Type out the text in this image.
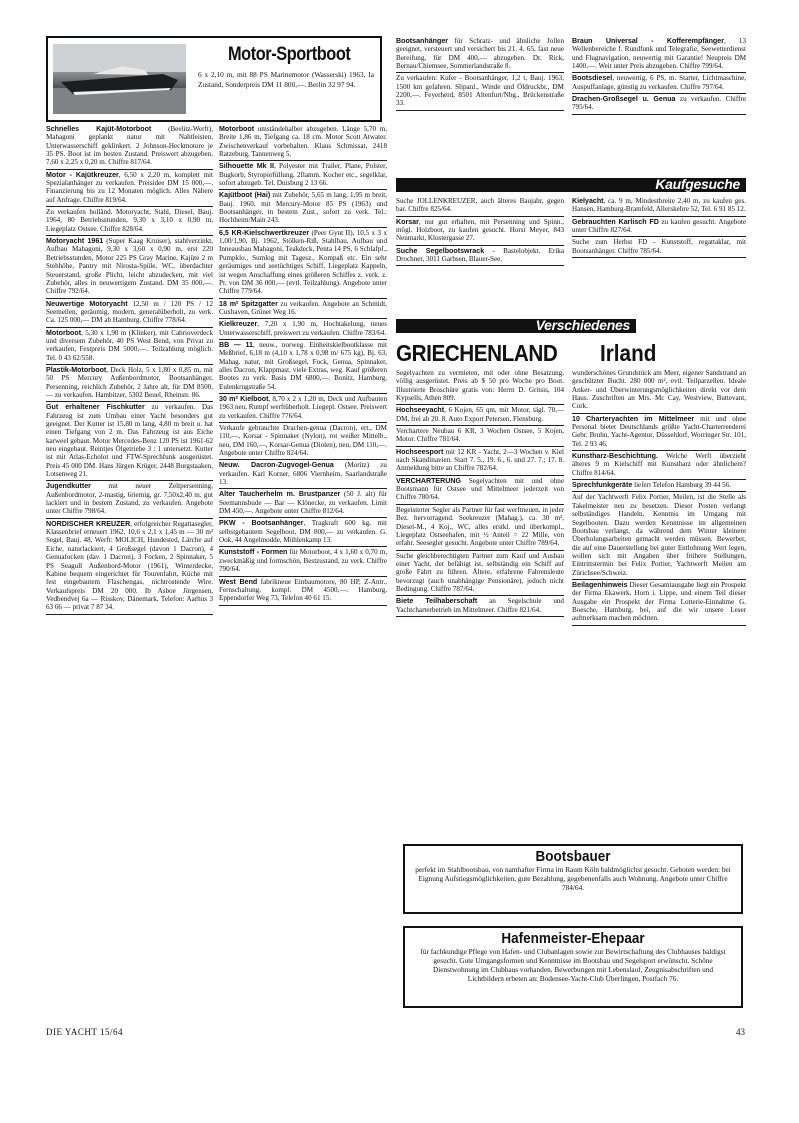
Motor-Sportboot
6 x 2,10 m, mit 88 PS Marinemotor (Wasserski) 1963, Ia Zustand, Sonderpreis DM 11 800,—. Berlin 32 97 94.

Schnelles Kajüt-Motorboot (Beelitz-Werft), Mahagoni geplankt natur mit Nahtleisten, Unterwasserschiff geklinkert. 2 Johnson-Heckmotore je 35 PS. Boot ist im besten Zustand. Preiswert abzugeben. 7,60 x 2,25 x 0,20 m. Chiffre 817/64.

Motor - Kajütkreuzer, 6,50 x 2,20 m, komplett mit Spezialanhänger zu verkaufen. Preisidee DM 15 000,—. Finanzierung bis zu 12 Monaten möglich. Alles Nähere auf Anfrage. Chiffre 819/64.

Zu verkaufen holländ. Motoryacht, Stahl, Diesel, Bauj. 1964, 80 Betriebsstunden, 9,30 x 3,10 x 0,90 m, Liegeplatz Ostsee. Chiffre 828/64.

Motoryacht 1961 (Super Kaag Kruiser), stahlverzinkt, Aufbau Mahagoni, 9,30 x 3,60 x 0,90 m, erst 220 Betriebsstunden, Motor 225 PS Gray Marine, Kajüte 2 m Stehhöhe, Pantry mit Nirosta-Spüle, WC, überdachter Steuerstand, große Plicht, leicht abzudecken, mit viel Zubehör, alles in neuwertigem Zustand. DM 35 000,—. Chiffre 792/64.

Neuwertige Motoryacht 12,50 m / 120 PS / 12 Seemeilen, geräumig, modern, generalüberholt, zu verk. Ca. 125 000,— DM ab Hamburg. Chiffre 778/64.

Motorboot, 5,30 x 1,90 m (Klinker), mit Cabrioverdeck und diversem Zubehör, 40 PS West Bend, von Privat zu verkaufen, Festpreis DM 5000,—. Teilzahlung möglich. Tel. 0 43 62/558.

Plastik-Motorboot, Deck Holz, 5 x 1,80 x 0,85 m, mit 50 PS Mercury Außenbordmotor, Bootsanhänger, Persenning, reichlich Zubehör, 2 Jahre alt, für DM 8500,— zu verkaufen. Hambitzer, 5302 Beuel, Rheinstr. 86.

Gut erhaltener Fischkutter zu verkaufen. Das Fahrzeug ist zum Umbau einer Yacht besonders gut geeignet. Der Kutter ist 15,80 m lang, 4,80 m breit u. hat einen Tiefgang von 2 m. Das Fahrzeug ist aus Eiche karweel gebaut. Motor Mercedes-Benz 120 PS ist 1961-62 neu eingebaut. Reintjes Ölgetriebe 3 : 1 untersetzt. Kutter ist mit Atlas-Echolot und FTW-Sprechfunk ausgerüstet. Preis 45 000 DM. Hans Jürgen Krüger, 2448 Burgstaaken, Lotsenweg 21.

Jugendkutter mit neuer Zeltpersenning, Außenbordmotor, 2-mastig, 6riemig, gr. 7,50x2,40 m. gut lackiert und in bestem Zustand, zu verkaufen. Angebote unter Chiffre 798/64.

NORDISCHER KREUZER, erfolgreicher Regattasegler, Klassenbrief erneuert 1962, 10,6 x 2,1 x 1,45 m — 30 m² Segel, Bauj. 48, Werft: MOLICH, Hundested, Lärche auf Eiche, naturlackiert, 4 Großsegel (davon 1 Dacron), 4 Genuafocken (dav. 1 Dacron), 3 Focken, 2 Spinnaker, 5 PS Seagull Außenbord-Motor (1961), Winterdecke, Kabine bequem eingerichtet für Tourenfahrt, Küche mit fest eingebautem Flaschengas, nichtrostende Wire. Verkaufspreis DM 20 000. Ib Asboe Jörgensen, Vedbendvej 6a — Risskov, Dänemark, Telefon: Aarhus 3 63 66 — privat 7 87 34.

Motorboot umständehalber abzugeben. Länge 5,70 m, Breite 1,86 m, Tiefgang ca. 18 cm. Motor Scott Atwater. Zwischenverkauf vorbehalten. Klaus Schmissat, 2418 Ratzeburg, Tannenweg 5.

Silhouette Mk II, Polyester mit Trailer, Plane, Polster, Bugkorb, Styroporfüllung, 2flamm. Kocher etc., segelklar, sofort abzugeb. Tel. Duisburg 2 13 66.

Kajütboot (Hai) mit Zubehör, 5,65 m lang, 1,95 m breit, Bauj. 1960, mit Mercury-Motor 85 PS (1963) und Bootsanhänger, in bestem Zust., sofort zu verk. Tel.: Hochheim/Main 243.

6,5 KR-Kielschwertkreuzer (Peer Gynt II), 10,5 x 3 x 1,00/1,90, Bj. 1962, Stölken-Riß, Stahlbau, Aufbau und Inneausbau Mahagoni, Teakdeck, Penta 14 PS, 6 Schlafpl., Pumpklo., Sumlog mit Tagesz., Kompaß etc. Ein sehr geräumiges und seetüchtiges Schiff, Liegeplatz Kappeln, ist wegen Anschaffung eines größeren Schiffes z. verk. z. Pr. von DM 36 000,— (evtl. Teilzahlung). Angebote unter Chiffre 779/64.

18 m² Spitzgatter zu verkaufen. Angebote an Schmidt, Cuxhaven, Grüner Weg 16.

Kielkreuzer, 7,20 x 1,90 m, Hochtakelung, neues Unterwasserschiff, preiswert zu verkaufen. Chiffre 783/64.

BB — 11, neuw., norweg. Einheitskielbootklasse mit Meßbrief, 6,18 m (4,10 x 1,78 x 0,98 m/ 675 kg), Bj. 63, Mahag. natur, mit Großsegel, Fock, Genua, Spinnaker, alles Dacron, Klappmast, viele Extras, weg. Kauf größeren Bootes zu verk. Basis DM 6800,—. Bonitz, Hamburg, Eulenkrugstraße 54.

30 m² Kielboot, 8,70 x 2 x 1,20 m, Deck und Aufbauten 1963 neu, Rumpf werftüberholt. Liegepl. Ostsee. Preiswert zu verkaufen. Chiffre 776/64.

Verkaufe gebrauchte Drachen-genua (Dacron), ert., DM 110,—, Korsar - Spinnaker (Nylon), rot weißer Mittelb., neu, DM 160,—, Korsar-Genua (Diolen), neu, DM 110,—. Angebote unter Chiffre 824/64.

Neuw. Dacron-Zugvogel-Genua (Moritz) zu verkaufen. Karl Korner, 6806 Viernheim, Saarlandstraße 13.

Alter Taucherhelm m. Brustpanzer (50 J. alt) für Seemannsbude — Bar — Klönecke, zu verkaufen. Limit DM 450,—. Angebote unter Chiffre 812/64.

PKW - Bootsanhänger, Tragkraft 600 kg, mit selbstgebautem Segelboot, DM 800,— zu verkaufen. G. Ook, 44 Angelmodde, Mühlenkamp 13.

Kunststoff - Formen für Motorboot, 4 x 1,60 x 0,70 m, zweckmäßig und formschön, Bestzustand, zu verk. Chiffre 790/64.

West Bend fabrikneue Einbaumotore, 80 HP, Z-Antr., Fernschaltung, kompl. DM 4500,—. Hamburg, Eppendorfer Weg 73, Telefon 40 61 15.

Bootsanhänger für Schratz- und ähnliche Jollen geeignet, versteuert und versichert bis 21. 4. 65, fast neue Bereifung, für DM 400,— abzugeben. Dr. Rick, Bernau/Chiemsee, Sommerlandstraße 8.

Zu verkaufen: Kufer - Bootsanhänger, 1,2 t, Bauj. 1963, 1500 km gefahren. Slipanl., Winde und Öldruckbr., DM 2200,—. Feyerherd, 8501 Altenfurt/Nbg., Brückenstraße 33.

Braun Universal - Kofferempfänger, 13 Wellenbereiche f. Rundfunk und Telegrafie, Seewetterdienst und Flugnavigation, neuwertig mit Garantie! Neupreis DM 1400,—. Weit unter Preis abzugeben. Chiffre 799/64.

Bootsdiesel, neuwertig, 6 PS, m. Starter, Lichtmaschine, Auspuffanlage, günstig zu verkaufen. Chiffre 797/64.

Drachen-Großsegel u. Genua zu verkaufen. Chiffre 795/64.

Kaufgesuche

Suche JOLLENKREUZER, auch älteres Baujahr, gegen bar. Chiffre 825/64.

Korsar, nur gut erhalten, mit Persenning und Spinn., mögl. Holzboot, zu kaufen gesucht. Horst Meyer, 843 Neumarkt, Klostergasse 27.

Suche Segelbootswrack - Bastelobjekt. Erika Drochner, 3011 Garbsen, Blauer-See.

Kielyacht, ca. 9 m, Mindestbreite 2,40 m, zu kaufen ges. Hansen, Hamburg-Bramfeld, Allerskehre 52, Tel. 6 91 85 12.

Gebrauchten Karlisch FD zu kaufen gesucht. Angebote unter Chiffre 827/64.

Suche zum Herbst FD - Kunststoff, regattaklar, mit Bootsanhänger. Chiffre 785/64.

Verschiedenes
GRIECHENLAND Irland

Segelyachten zu vermieten, mit oder ohne Besatzung, völlig ausgerüstet. Preis ab $ 50 pro Woche pro Boot. Illustrierte Broschüre gratis von: Herrn D. Gritsis, 104 Kypsells, Athen 809.

Hochseeyacht, 6 Kojen, 65 qm, mit Motor, tägl. 70,— DM, frei ab 20. 8. Auto Export Petersen, Flensburg.

Verchartere Neubau 6 KR, 3 Wochen Ostsee, 5 Kojen, Motor. Chiffre 781/64.

Hochseesport mit 12 KR - Yacht, 2—3 Wochen v. Kiel nach Skandinavien. Start 7. 5., 19. 6., 6. und 27. 7.; 17. 8. Anmeldung bitte an Chiffre 782/64.

VERCHARTERUNG Segelyachten mit und ohne Bootsmann für Ostsee und Mittelmeer jederzeit von Chiffre 780/64.

Begeisterter Segler als Partner für fast werftneuen, in jeder Bez. hervorragend. Seekreuzer (Mahag.), ca. 30 m², Diesel-M., 4 Koj., WC, alles erstkl. und überkompl., Liegeplatz Ostseehafen, mit ½ Anteil = 22 Mille, von erfahr. Seesegler gesucht. Angebote unter Chiffre 789/64.

Suche gleichberechtigten Partner zum Kauf und Ausbau einer Yacht, der befähigt ist, selbständig ein Schiff auf große Fahrt zu führen. Ältere, erfahrene Fahrensleute bevorzugt (auch unabhängige Pensionäre), jedoch nicht Bedingung. Chiffre 787/64.

Biete Teilhaberschaft an Segelschule und Yachtcharterbetrieb im Mittelmeer. Chiffre 821/64.

wunderschönes Grundstück am Meer, eigener Sandstrand an geschützter Bucht. 280 000 m², evtl. Teilparzellen. Ideale Anker- und Überwinterungsmöglichkeiten direkt vor dem Haus. Zuschriften an Mrs. Mc Cay, Westview, Buttevant, Cork.

10 Charteryachten im Mittelmeer mit und ohne Personal bietet Deutschlands größte Yacht-Charterreederei Gebr. Bruhn, Yacht-Agentur, Düsseldorf, Worringer Str. 101, Tel. 2 93 46.

Kunstharz-Beschichtung. Welche Werft überzieht älteres 9 m Kielschiff mit Kunstharz oder ähnlichem? Chiffre 814/64.

Sprechfunkgeräte liefert Telefon Hamburg 39 44 56.

Auf der Yachtwerft Felix Portier, Meilen, ist die Stelle als Takelmeister neu zu besetzen. Dieser Posten verlangt selbständiges Handeln, Kenntnis im Umgang mit Segelbooten. Dazu werden Kenntnisse im allgemeinen Bootsbau verlangt, da während dem Winter kleinere Überholungsarbeiten gemacht werden müssen. Bewerber, die auf eine Dauerstellung bei guter Entlohnung Wert legen, wollen sich mit Angaben über frühere Stellungen, Eintrittstermin bei Felix Portier, Yachtwerft Meilen am Zürichsee/Schweiz.

Beilagenhinweis Dieser Gesamtausgabe liegt ein Prospekt der Firma Ekawerk, Horn i. Lippe, und einem Teil dieser Ausgabe ein Prospekt der Firma Lotterie-Einnahme G. Boesche, Hamburg, bei, auf die wir unsere Leser aufmerksam machen möchten.

Bootsbauer
perfekt im Stahlbootsbau, von namhafter Firma im Raum Köln baldmöglichst gesucht. Geboten werden: bei Eignung Aufstiegsmöglichkeiten, gute Bezahlung, gegebenenfalls auch Wohnung. Angebote unter Chiffre 784/64.
Hafenmeister-Ehepaar
für fachkundige Pflege von Hafen- und Clubanlagen sowie zur Bewirtschaftung des Clubhauses baldigst gesucht. Gute Umgangsformen und Kenntnisse im Bootsbau und Segelsport erwünscht. Schöne Dienstwohnung im Clubhaus vorhanden. Bewerbungen mit Lebenslauf, Zeugnisabschriften und Lichtbildern erbeten an: Bodensee-Yacht-Club Überlingen, Postfach 76.
DIE YACHT 15/64	43
